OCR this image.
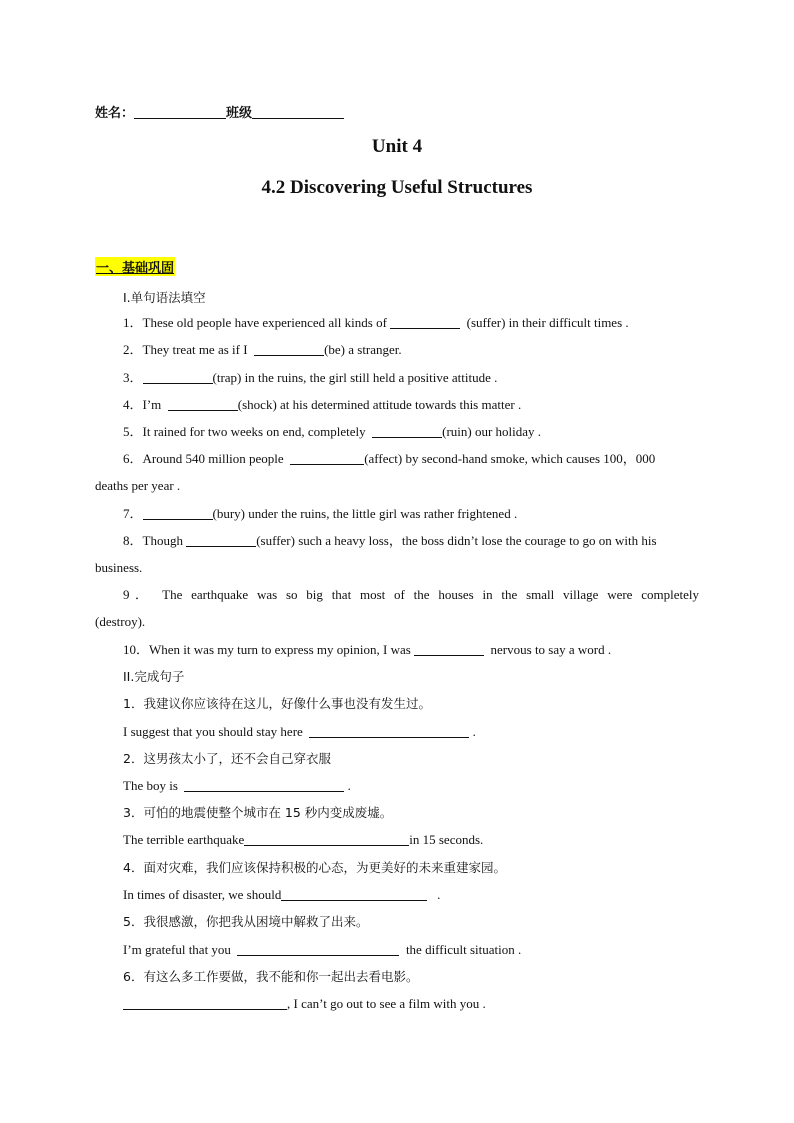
姓名：	班级
Unit 4
4.2 Discovering Useful Structures
一、基础巩固
I.单句语法填空
1．These old people have experienced all kinds of	(suffer) in their difficult times .
2．They treat me as if I	(be) a stranger.
3．	(trap) in the ruins, the girl still held a positive attitude .
4．I’m	(shock) at his determined attitude towards this matter .
5．It rained for two weeks on end, completely	(ruin) our holiday .
6．Around 540 million people	(affect) by second-hand smoke, which causes 100，000
deaths per year .
7．	(bury) under the ruins, the little girl was rather frightened .
8．Though	(suffer) such a heavy loss，the boss didn’t lose the courage to go on with his
business.
9． The earthquake was so big that most of the houses in the small village were completely
(destroy).
10．When it was my turn to express my opinion, I was	nervous to say a word .
II.完成句子
1．我建议你应该待在这儿，好像什么事也没有发生过。
I suggest that you should stay here	.
2．这男孩太小了，还不会自己穿衣服
The boy is	.
3．可怕的地震使整个城市在 15 秒内变成废墟。
The terrible earthquake	in 15 seconds.
4．面对灾难，我们应该保持积极的心态，为更美好的未来重建家园。
In times of disaster, we should	.
5．我很感激，你把我从困境中解救了出来。
I’m grateful that you	the difficult situation .
6．有这么多工作要做，我不能和你一起出去看电影。
, I can’t go out to see a film with you .
